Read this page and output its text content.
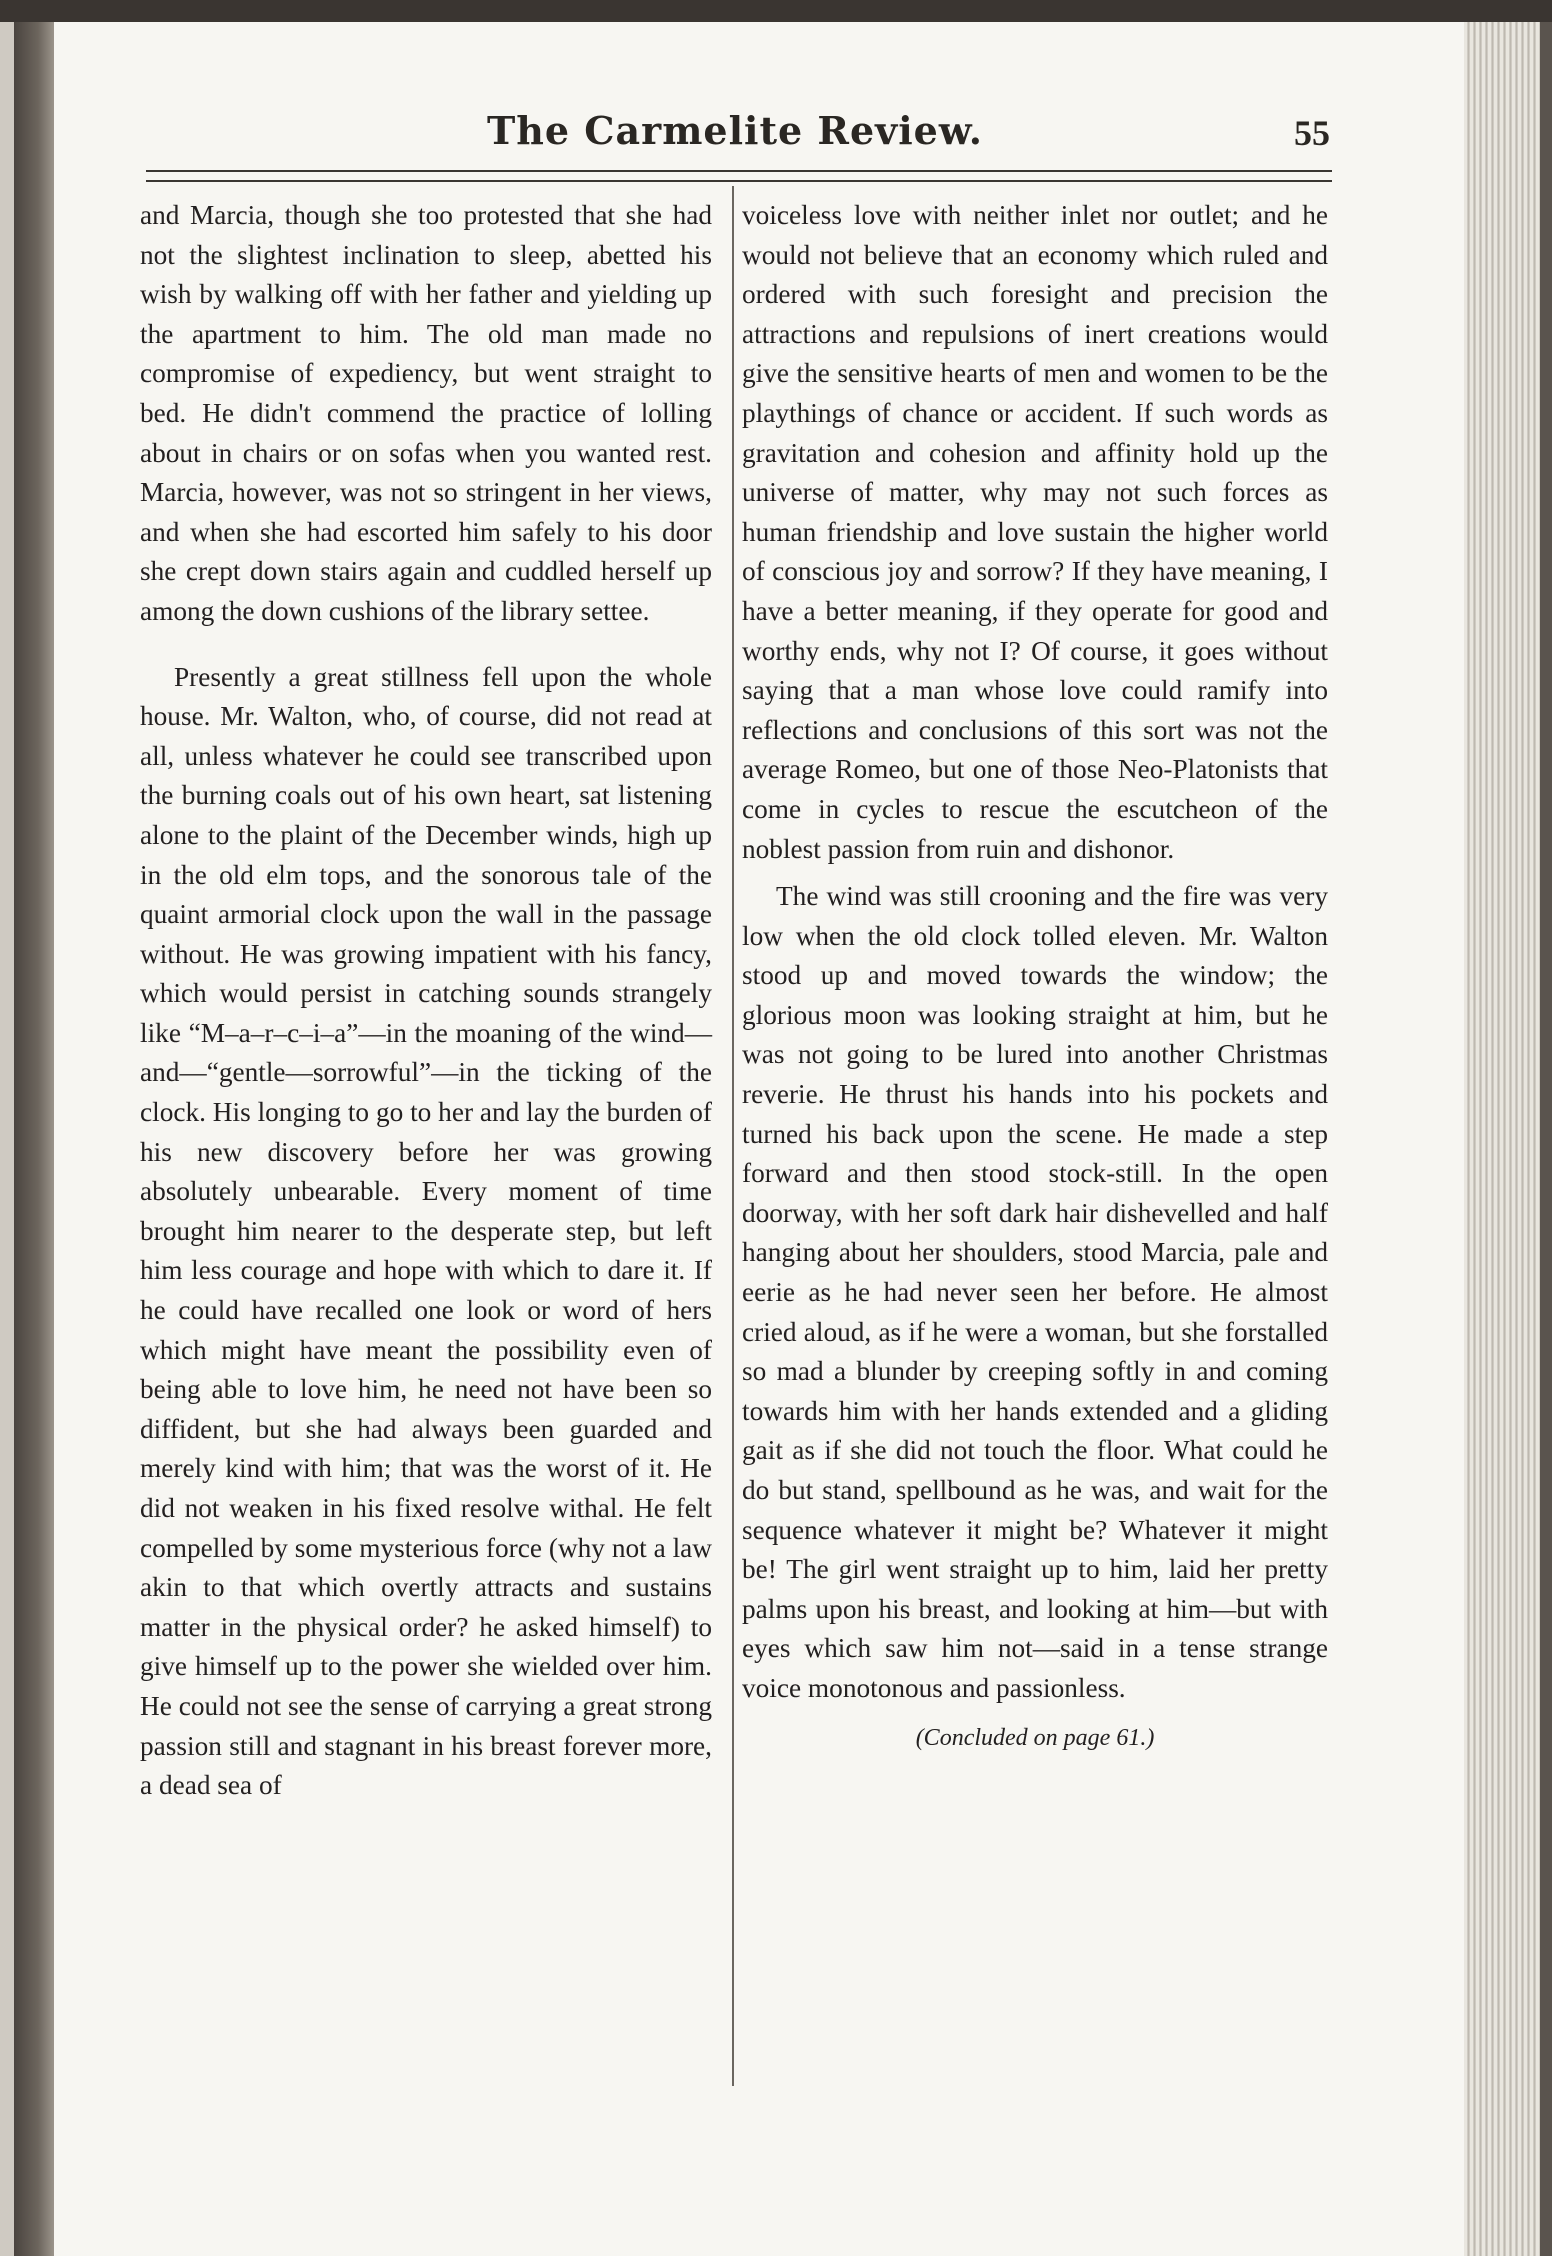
The Carmelite Review.	55

and Marcia, though she too protested that she had not the slightest inclination to sleep, abetted his wish by walking off with her father and yielding up the apartment to him. The old man made no compromise of expediency, but went straight to bed. He didn't commend the practice of lolling about in chairs or on sofas when you wanted rest. Marcia, however, was not so stringent in her views, and when she had escorted him safely to his door she crept down stairs again and cuddled herself up among the down cushions of the library settee.

Presently a great stillness fell upon the whole house. Mr. Walton, who, of course, did not read at all, unless whatever he could see transcribed upon the burning coals out of his own heart, sat listening alone to the plaint of the December winds, high up in the old elm tops, and the sonorous tale of the quaint armorial clock upon the wall in the passage without. He was growing impatient with his fancy, which would persist in catching sounds strangely like “M–a–r–c–i–a”—in the moaning of the wind—and—“gentle—sorrowful”—in the ticking of the clock. His longing to go to her and lay the burden of his new discovery before her was growing absolutely unbearable. Every moment of time brought him nearer to the desperate step, but left him less courage and hope with which to dare it. If he could have recalled one look or word of hers which might have meant the possibility even of being able to love him, he need not have been so diffident, but she had always been guarded and merely kind with him; that was the worst of it. He did not weaken in his fixed resolve withal. He felt compelled by some mysterious force (why not a law akin to that which overtly attracts and sustains matter in the physical order? he asked himself) to give himself up to the power she wielded over him. He could not see the sense of carrying a great strong passion still and stagnant in his breast forever more, a dead sea of

voiceless love with neither inlet nor outlet; and he would not believe that an economy which ruled and ordered with such foresight and precision the attractions and repulsions of inert creations would give the sensitive hearts of men and women to be the playthings of chance or accident. If such words as gravitation and cohesion and affinity hold up the universe of matter, why may not such forces as human friendship and love sustain the higher world of conscious joy and sorrow? If they have meaning, I have a better meaning, if they operate for good and worthy ends, why not I? Of course, it goes without saying that a man whose love could ramify into reflections and conclusions of this sort was not the average Romeo, but one of those Neo-Platonists that come in cycles to rescue the escutcheon of the noblest passion from ruin and dishonor.

The wind was still crooning and the fire was very low when the old clock tolled eleven. Mr. Walton stood up and moved towards the window; the glorious moon was looking straight at him, but he was not going to be lured into another Christmas reverie. He thrust his hands into his pockets and turned his back upon the scene. He made a step forward and then stood stock-still. In the open doorway, with her soft dark hair dishevelled and half hanging about her shoulders, stood Marcia, pale and eerie as he had never seen her before. He almost cried aloud, as if he were a woman, but she forstalled so mad a blunder by creeping softly in and coming towards him with her hands extended and a gliding gait as if she did not touch the floor. What could he do but stand, spellbound as he was, and wait for the sequence whatever it might be? Whatever it might be! The girl went straight up to him, laid her pretty palms upon his breast, and looking at him—but with eyes which saw him not—said in a tense strange voice monotonous and passionless.

(Concluded on page 61.)
